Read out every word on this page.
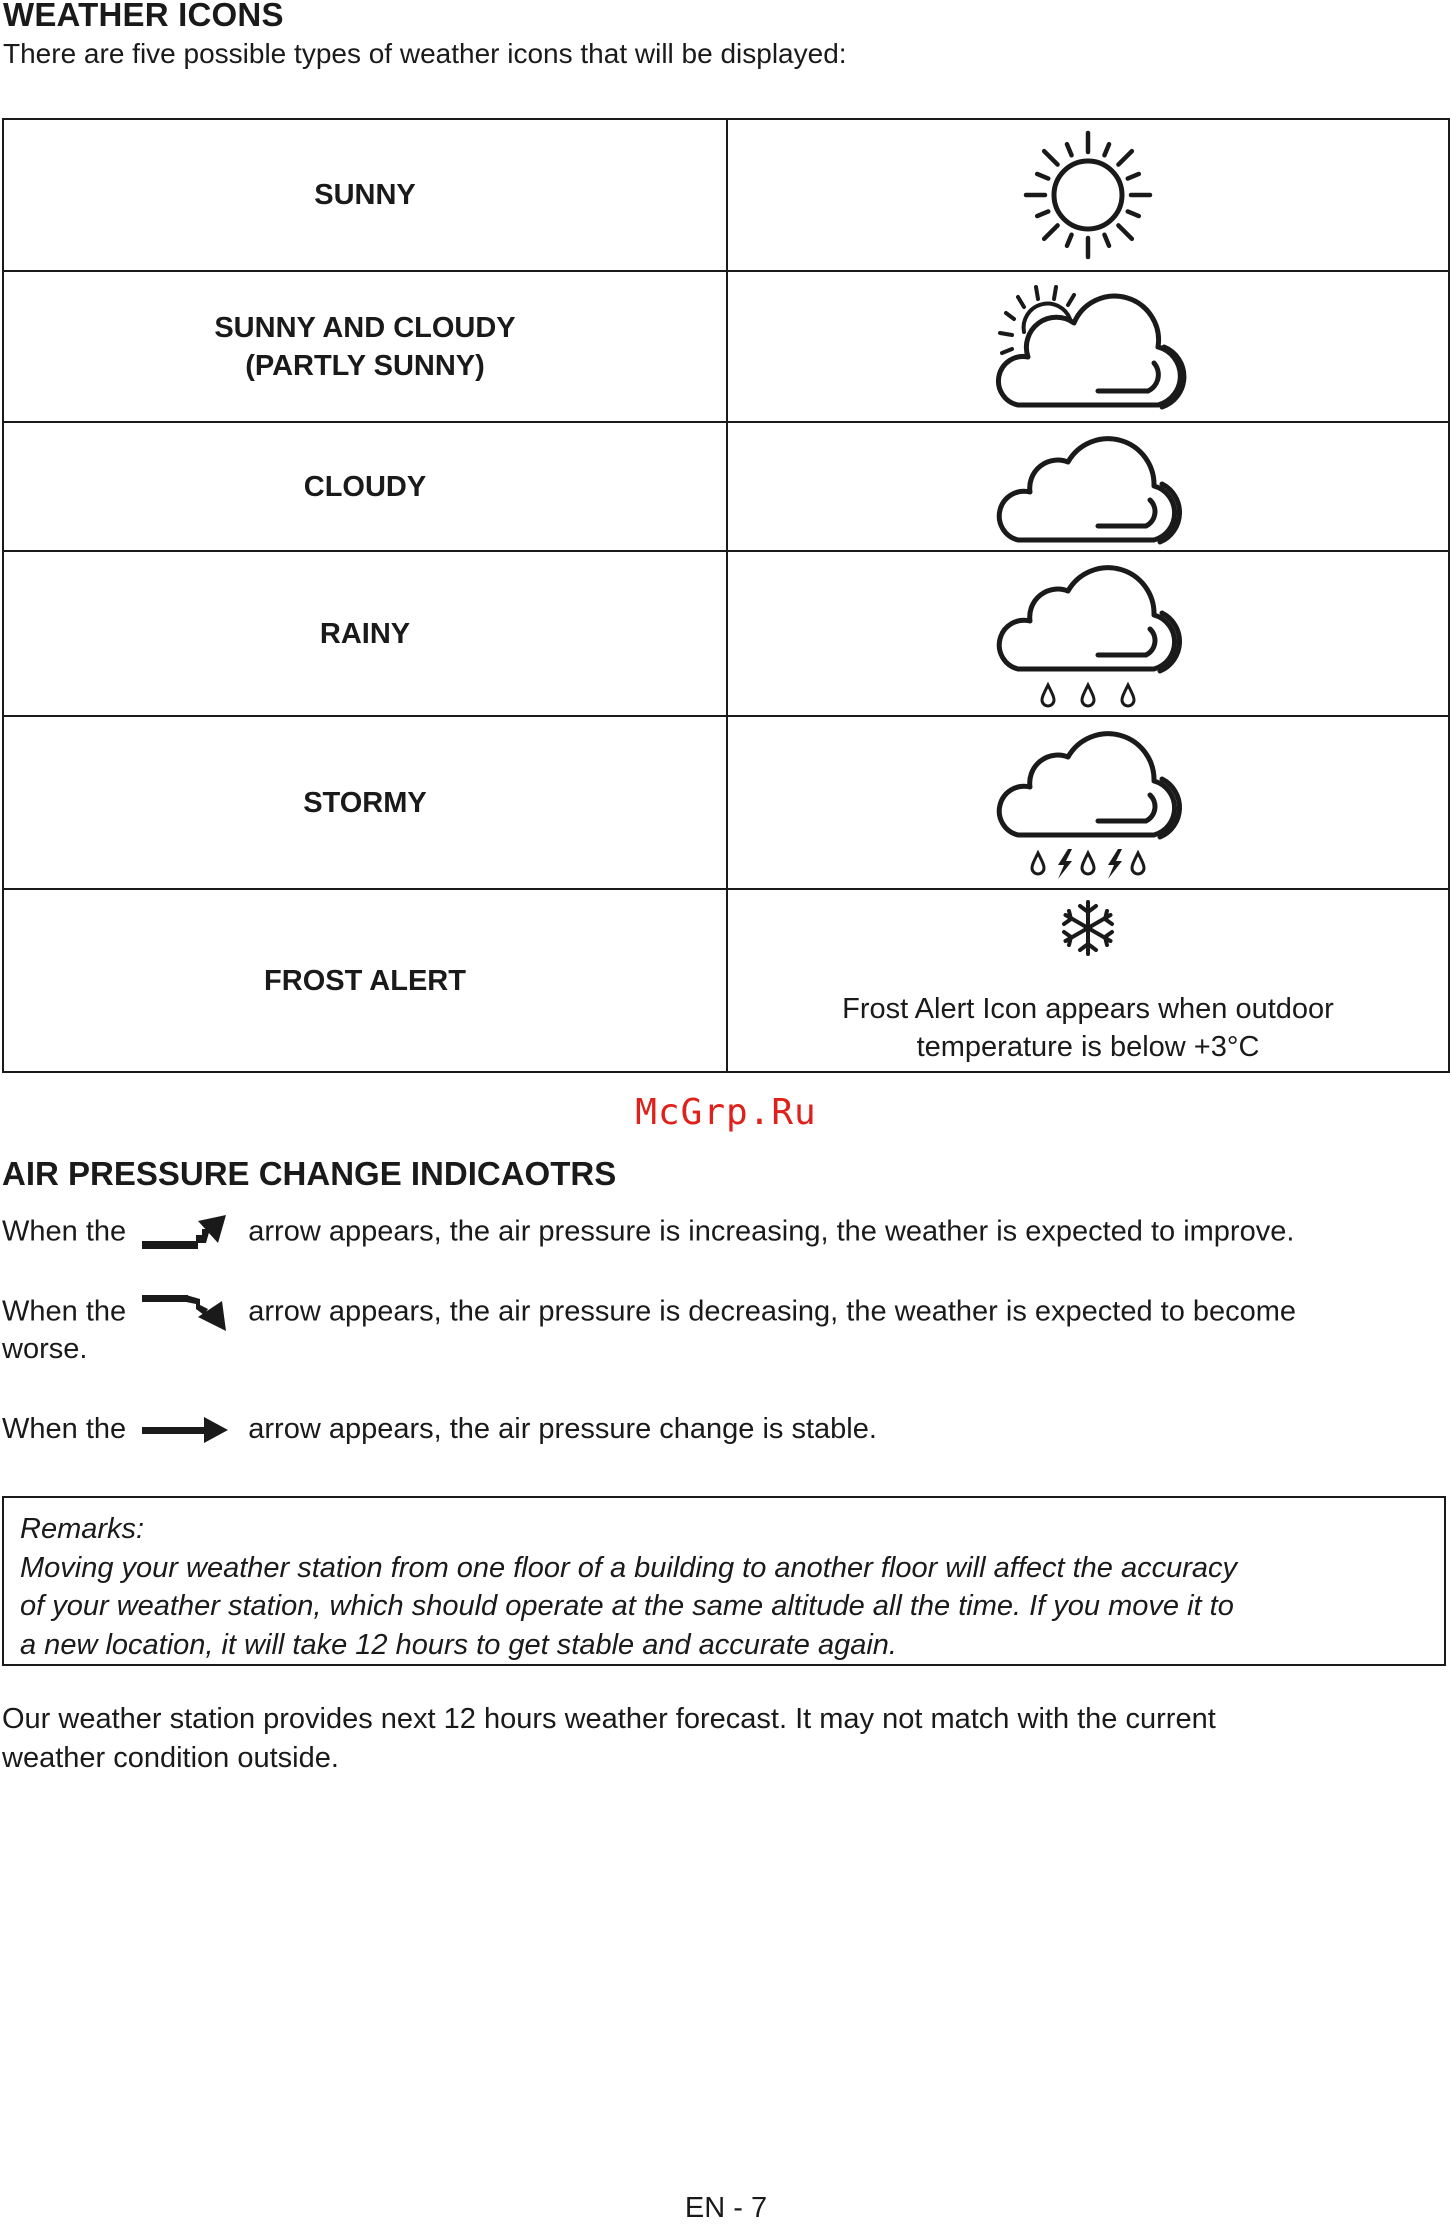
WEATHER ICONS
There are five possible types of weather icons that will be displayed:
SUNNY	

SUNNY AND CLOUDY
(PARTLY SUNNY)

CLOUDY	

RAINY	

STORMY	

FROST ALERT	Frost Alert Icon appears when outdoor
temperature is below +3°C
McGrp.Ru
AIR PRESSURE CHANGE INDICAOTRS
When the	arrow appears, the air pressure is increasing, the weather is expected to improve.
When the	arrow appears, the air pressure is decreasing, the weather is expected to become
worse.
When the	arrow appears, the air pressure change is stable.
Remarks:
Moving your weather station from one floor of a building to another floor will affect the accuracy
of your weather station, which should operate at the same altitude all the time. If you move it to
a new location, it will take 12 hours to get stable and accurate again.
Our weather station provides next 12 hours weather forecast. It may not match with the current
weather condition outside.
EN - 7
